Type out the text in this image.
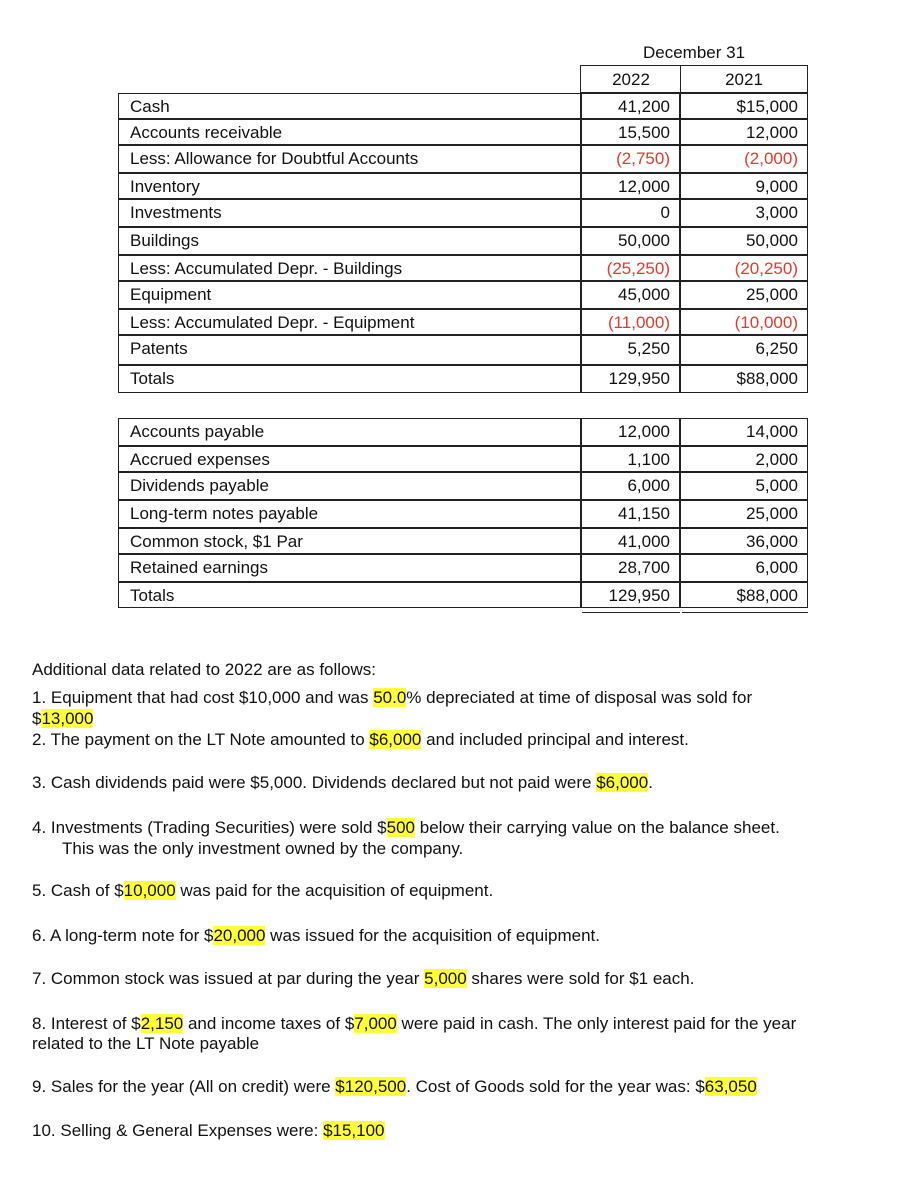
December 31
2022	2021
Cash	41,200	$15,000
Accounts receivable	15,500	12,000
Less: Allowance for Doubtful Accounts	(2,750)	(2,000)
Inventory	12,000	9,000
Investments	0	3,000
Buildings	50,000	50,000
Less: Accumulated Depr. - Buildings	(25,250)	(20,250)
Equipment	45,000	25,000
Less: Accumulated Depr. - Equipment	(11,000)	(10,000)
Patents	5,250	6,250
Totals	129,950	$88,000
Accounts payable	12,000	14,000
Accrued expenses	1,100	2,000
Dividends payable	6,000	5,000
Long-term notes payable	41,150	25,000
Common stock, $1 Par	41,000	36,000
Retained earnings	28,700	6,000
Totals	129,950	$88,000
Additional data related to 2022 are as follows:
1. Equipment that had cost $10,000 and was 50.0% depreciated at time of disposal was sold for
$13,000
2. The payment on the LT Note amounted to $6,000 and included principal and interest.
3. Cash dividends paid were $5,000. Dividends declared but not paid were $6,000.
4. Investments (Trading Securities) were sold $500 below their carrying value on the balance sheet.
This was the only investment owned by the company.
5. Cash of $10,000 was paid for the acquisition of equipment.
6. A long-term note for $20,000 was issued for the acquisition of equipment.
7. Common stock was issued at par during the year 5,000 shares were sold for $1 each.
8. Interest of $2,150 and income taxes of $7,000 were paid in cash. The only interest paid for the year
related to the LT Note payable
9. Sales for the year (All on credit) were $120,500. Cost of Goods sold for the year was: $63,050
10. Selling & General Expenses were: $15,100
